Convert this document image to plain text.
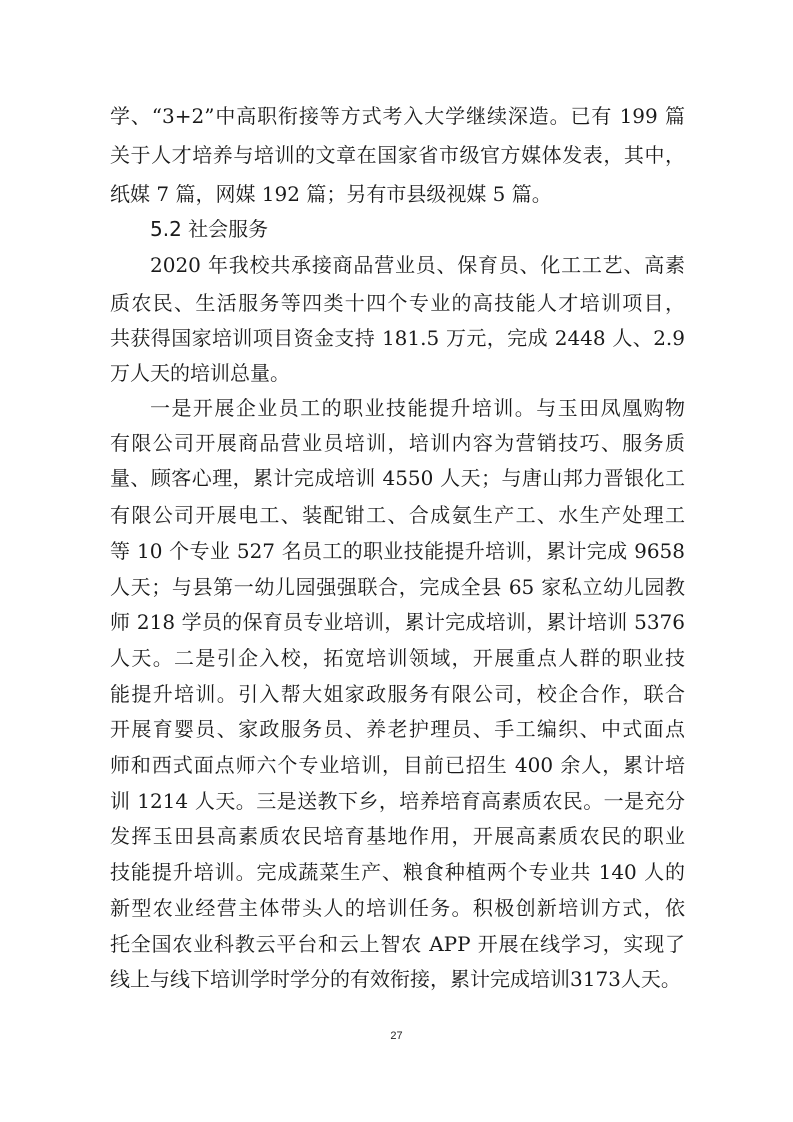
学、“3+2”中高职衔接等方式考入大学继续深造。已有 199 篇
关于人才培养与培训的文章在国家省市级官方媒体发表，其中，
纸媒 7 篇，网媒 192 篇；另有市县级视媒 5 篇。
5.2 社会服务
2020 年我校共承接商品营业员、保育员、化工工艺、高素
质农民、生活服务等四类十四个专业的高技能人才培训项目，
共获得国家培训项目资金支持 181.5 万元，完成 2448 人、2.9
万人天的培训总量。
一是开展企业员工的职业技能提升培训。与玉田凤凰购物
有限公司开展商品营业员培训，培训内容为营销技巧、服务质
量、顾客心理，累计完成培训 4550 人天；与唐山邦力晋银化工
有限公司开展电工、装配钳工、合成氨生产工、水生产处理工
等 10 个专业 527 名员工的职业技能提升培训，累计完成 9658
人天；与县第一幼儿园强强联合，完成全县 65 家私立幼儿园教
师 218 学员的保育员专业培训，累计完成培训，累计培训 5376
人天。二是引企入校，拓宽培训领域，开展重点人群的职业技
能提升培训。引入帮大姐家政服务有限公司，校企合作，联合
开展育婴员、家政服务员、养老护理员、手工编织、中式面点
师和西式面点师六个专业培训，目前已招生 400 余人，累计培
训 1214 人天。三是送教下乡，培养培育高素质农民。一是充分
发挥玉田县高素质农民培育基地作用，开展高素质农民的职业
技能提升培训。完成蔬菜生产、粮食种植两个专业共 140 人的
新型农业经营主体带头人的培训任务。积极创新培训方式，依
托全国农业科教云平台和云上智农 APP 开展在线学习，实现了
线上与线下培训学时学分的有效衔接，累计完成培训3173人天。
27
